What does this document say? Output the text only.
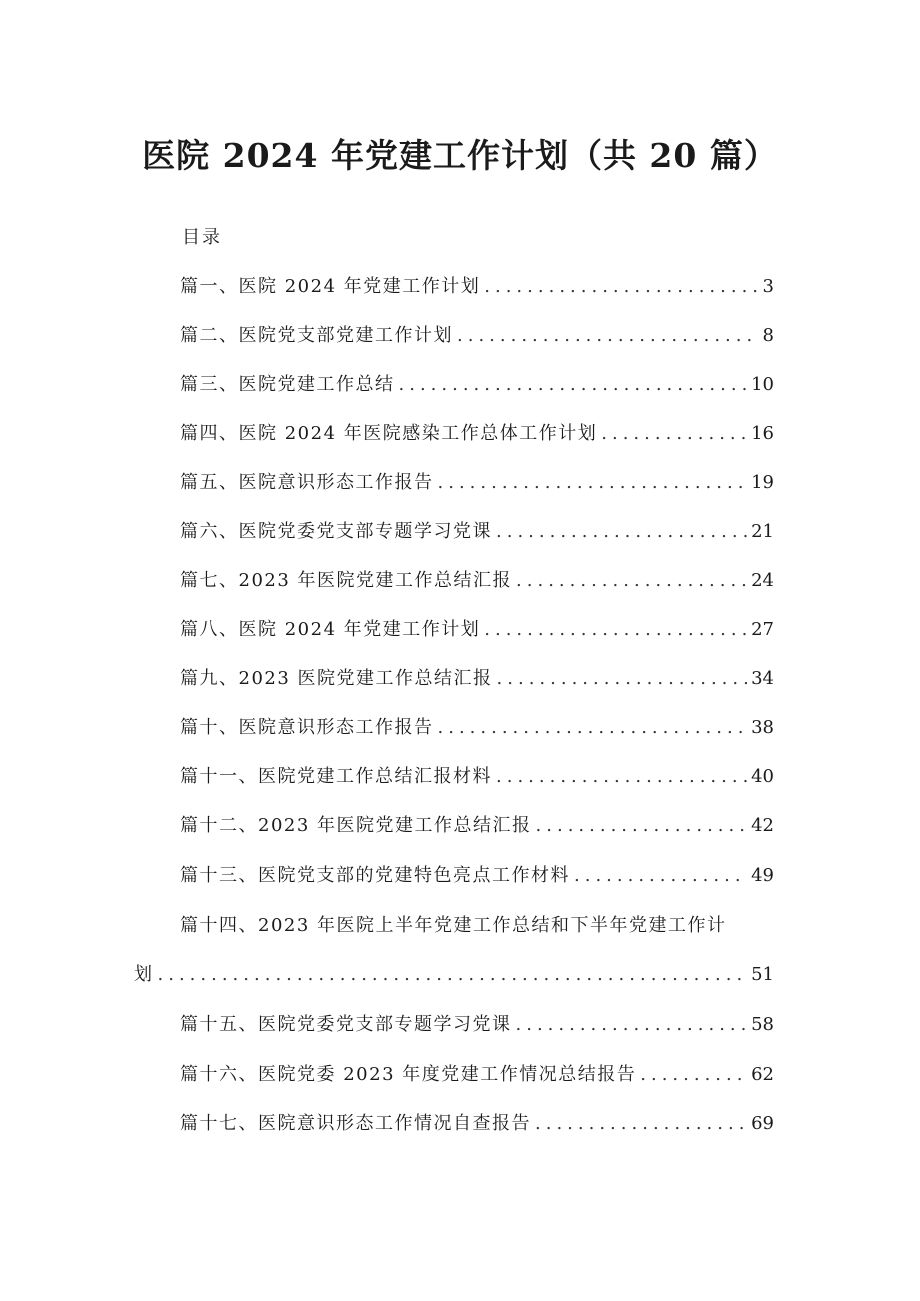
医院 2024 年党建工作计划（共 20 篇）
目录
篇一、医院 2024 年党建工作计划 .....	3
篇二、医院党支部党建工作计划 .....	8
篇三、医院党建工作总结 .....	10
篇四、医院 2024 年医院感染工作总体工作计划 .....	16
篇五、医院意识形态工作报告 .....	19
篇六、医院党委党支部专题学习党课 .....	21
篇七、2023 年医院党建工作总结汇报 .....	24
篇八、医院 2024 年党建工作计划 .....	27
篇九、2023 医院党建工作总结汇报 .....	34
篇十、医院意识形态工作报告 .....	38
篇十一、医院党建工作总结汇报材料 .....	40
篇十二、2023 年医院党建工作总结汇报 .....	42
篇十三、医院党支部的党建特色亮点工作材料 .....	49
篇十四、2023 年医院上半年党建工作总结和下半年党建工作计
划 .....	51
篇十五、医院党委党支部专题学习党课 .....	58
篇十六、医院党委 2023 年度党建工作情况总结报告 .....	62
篇十七、医院意识形态工作情况自查报告 .....	69
